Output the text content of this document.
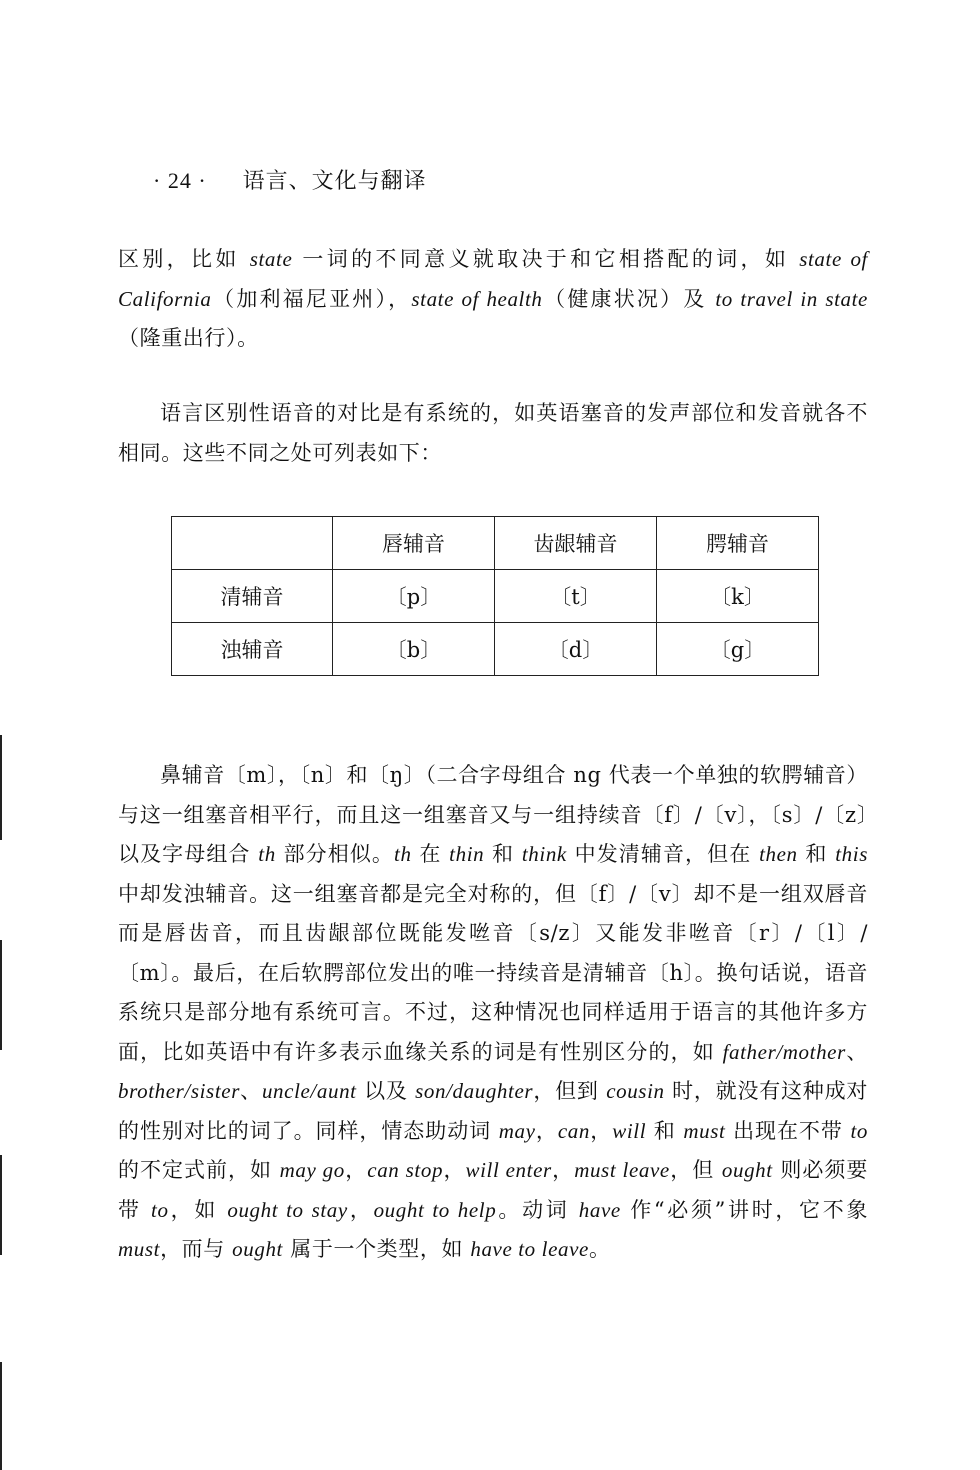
· 24 · 语言、文化与翻译
区别，比如 state 一词的不同意义就取决于和它相搭配的词，如 state of California（加利福尼亚州），state of health（健康状况）及 to travel in state（隆重出行）。
语言区别性语音的对比是有系统的，如英语塞音的发声部位和发音就各不相同。这些不同之处可列表如下：
	唇辅音	齿龈辅音	腭辅音
清辅音	〔p〕	〔t〕	〔k〕
浊辅音	〔b〕	〔d〕	〔g〕
鼻辅音〔m〕，〔n〕和〔ŋ〕（二合字母组合 ng 代表一个单独的软腭辅音）与这一组塞音相平行，而且这一组塞音又与一组持续音〔f〕/〔v〕，〔s〕/〔z〕以及字母组合 th 部分相似。th 在 thin 和 think 中发清辅音，但在 then 和 this 中却发浊辅音。这一组塞音都是完全对称的，但〔f〕/〔v〕却不是一组双唇音而是唇齿音，而且齿龈部位既能发咝音〔s/z〕又能发非咝音〔r〕/〔l〕/〔m〕。最后，在后软腭部位发出的唯一持续音是清辅音〔h〕。换句话说，语音系统只是部分地有系统可言。不过，这种情况也同样适用于语言的其他许多方面，比如英语中有许多表示血缘关系的词是有性别区分的，如 father/mother、brother/sister、uncle/aunt 以及 son/daughter，但到 cousin 时，就没有这种成对的性别对比的词了。同样，情态助动词 may，can，will 和 must 出现在不带 to 的不定式前，如 may go，can stop，will enter，must leave，但 ought 则必须要带 to，如 ought to stay，ought to help。动词 have 作“必须”讲时，它不象 must，而与 ought 属于一个类型，如 have to leave。
